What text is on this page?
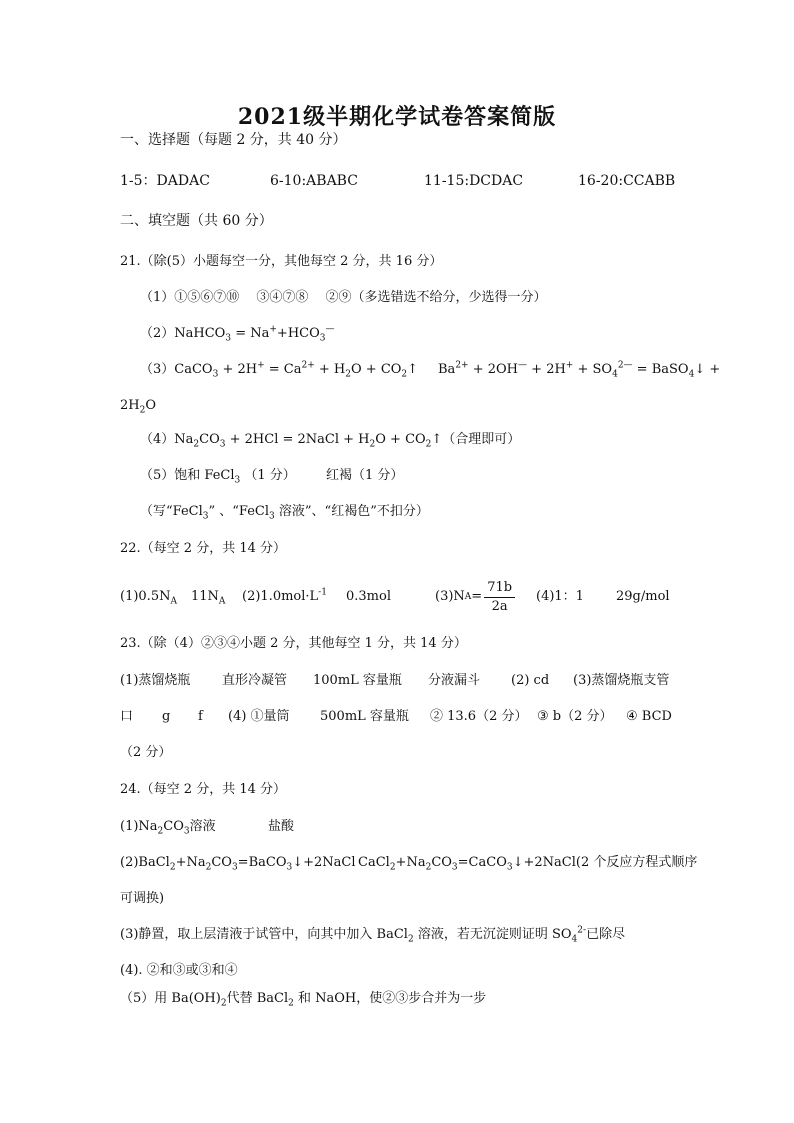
2021级半期化学试卷答案简版
一、选择题（每题 2 分，共 40 分）
1-5：DADAC	6-10:ABABC	11-15:DCDAC	16-20:CCABB
二、填空题（共 60 分）
21.（除(5）小题每空一分，其他每空 2 分，共 16 分）
（1）①⑤⑥⑦⑩　 ③④⑦⑧　 ②⑨（多选错选不给分，少选得一分）
（2）NaHCO$_3$ = $Na^++HCO_3^—$
（3）CaCO$_3$ + $2H^+ = Ca^{2+} + H_2O$ + $CO_2↑$ $Ba^{2+} + 2OH^— + 2H^+ + SO_4^{2—}$ = BaSO$_4$↓ +
$2H_2O$
$(4)Na_2CO_3 + 2HCl$ = 2NaCl + $H_2O$ + $CO_2↑$（合理即可）
（5）饱和 FeCl$_3$ （1 分） 红褐（1 分）
（写“FeCl$_3$” 、“FeCl$_3$ 溶液”、“红褐色”不扣分）
22.（每空 2 分，共 14 分）
$(1)0.5N_A$ $11N_A$ $(2)1.0mol\cdot L^{-1}$ 0.3mol	(3)N $A = \frac{71b}{2a} (4)1$：1 29g/mol
23.（除（4）②③④小题 2 分，其他每空 1 分，共 14 分）
(1)蒸馏烧瓶 直形冷凝管 100mL 容量瓶 分液漏斗 (2) cd (3)蒸馏烧瓶支管
口 g f (4) ①量筒 500mL 容量瓶 ② 13.6（2 分） ③ b（2 分） ④ BCD
（2 分）
24.（每空 2 分，共 14 分）
$(1)Na_2CO_3$溶液	盐酸
$(2)BaCl_2+Na_2CO_3=BaCO_3↓+2NaCl$ $CaCl_2+Na_2CO_3=CaCO_3↓+2NaCl(2$ 个反应方程式顺序
可调换)
(3)静置，取上层清液于试管中，向其中加入 BaCl$_2$ 溶液，若无沉淀则证明 $SO_4^{2-}$已除尽
(4). ②和③或③和④
（5）用 $Ba(OH)_2$代替 BaCl$_2$ 和 NaOH，使②③步合并为一步
